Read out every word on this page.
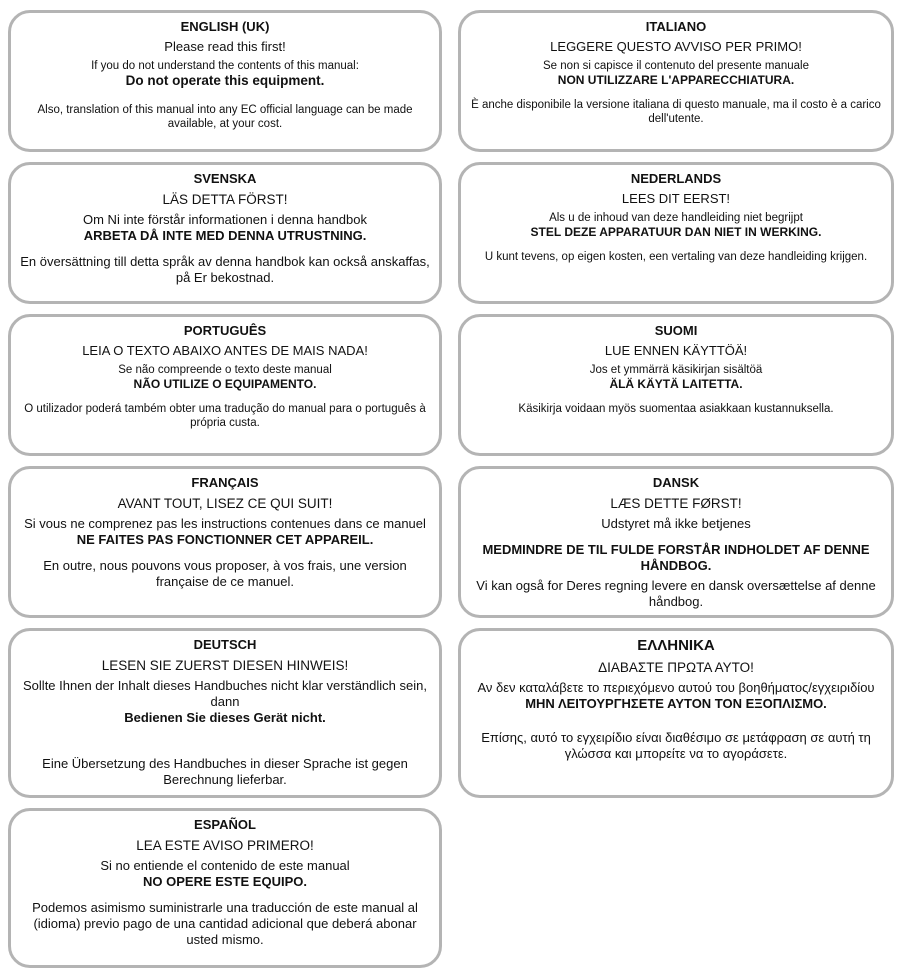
ENGLISH (UK)

Please read this first!

If you do not understand the contents of this manual:

Do not operate this equipment.

Also, translation of this manual into any EC official language can be made available, at your cost.

SVENSKA

LÄS DETTA FÖRST!

Om Ni inte förstår informationen i denna handbok

ARBETA DÅ INTE MED DENNA UTRUSTNING.

En översättning till detta språk av denna handbok kan också anskaffas, på Er bekostnad.

PORTUGUÊS

LEIA O TEXTO ABAIXO ANTES DE MAIS NADA!

Se não compreende o texto deste manual

NÃO UTILIZE O EQUIPAMENTO.

O utilizador poderá também obter uma tradução do manual para o português à própria custa.

FRANÇAIS

AVANT TOUT, LISEZ CE QUI SUIT!

Si vous ne comprenez pas les instructions contenues dans ce manuel

NE FAITES PAS FONCTIONNER CET APPAREIL.

En outre, nous pouvons vous proposer, à vos frais, une version française de ce manuel.

DEUTSCH

LESEN SIE ZUERST DIESEN HINWEIS!

Sollte Ihnen der Inhalt dieses Handbuches nicht klar verständlich sein, dann

Bedienen Sie dieses Gerät nicht.

Eine Übersetzung des Handbuches in dieser Sprache ist gegen Berechnung lieferbar.

ESPAÑOL

LEA ESTE AVISO PRIMERO!

Si no entiende el contenido de este manual

NO OPERE ESTE EQUIPO.

Podemos asimismo suministrarle una traducción de este manual al (idioma) previo pago de una cantidad adicional que deberá abonar usted mismo.

ITALIANO

LEGGERE QUESTO AVVISO PER PRIMO!

Se non si capisce il contenuto del presente manuale

NON UTILIZZARE L'APPARECCHIATURA.

È anche disponibile la versione italiana di questo manuale, ma il costo è a carico dell'utente.

NEDERLANDS

LEES DIT EERST!

Als u de inhoud van deze handleiding niet begrijpt

STEL DEZE APPARATUUR DAN NIET IN WERKING.

U kunt tevens, op eigen kosten, een vertaling van deze handleiding krijgen.

SUOMI

LUE ENNEN KÄYTTÖÄ!

Jos et ymmärrä käsikirjan sisältöä

ÄLÄ KÄYTÄ LAITETTA.

Käsikirja voidaan myös suomentaa asiakkaan kustannuksella.

DANSK

LÆS DETTE FØRST!

Udstyret må ikke betjenes

MEDMINDRE DE TIL FULDE FORSTÅR INDHOLDET AF DENNE HÅNDBOG.

Vi kan også for Deres regning levere en dansk oversættelse af denne håndbog.

ΕΛΛΗΝΙΚΑ

ΔΙΑΒΑΣΤΕ ΠΡΩΤΑ ΑΥΤΟ!

Αν δεν καταλάβετε το περιεχόμενο αυτού του βοηθήματος/εγχειριδίου

ΜΗΝ ΛΕΙΤΟΥΡΓΗΣΕΤΕ ΑΥΤΟΝ ΤΟΝ ΕΞΟΠΛΙΣΜΟ.

Επίσης, αυτό το εγχειρίδιο είναι διαθέσιμο σε μετάφραση σε αυτή τη γλώσσα και μπορείτε να το αγοράσετε.
